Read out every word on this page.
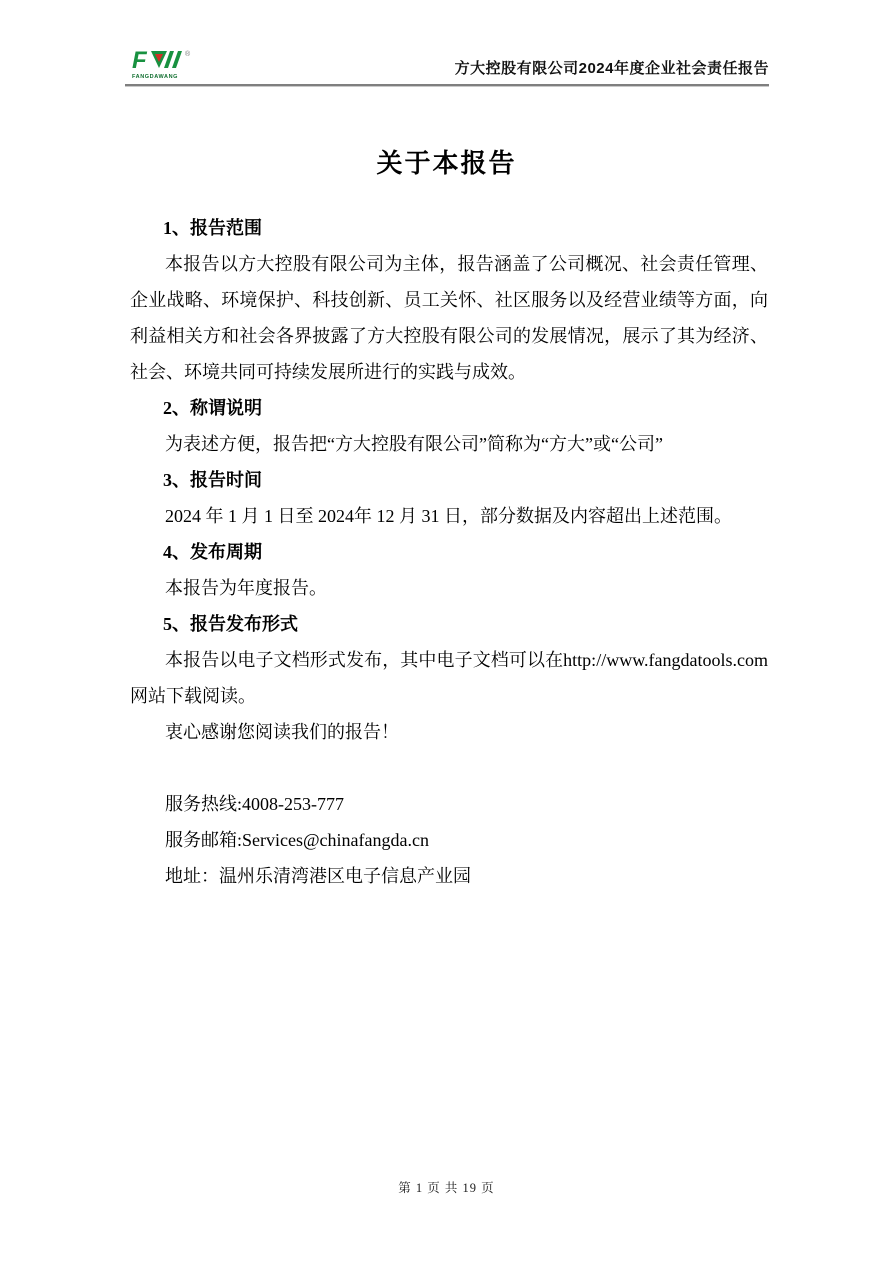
F
FANGDAWANG
®
方大控股有限公司2024年度企业社会责任报告
关于本报告
1、报告范围

本报告以方大控股有限公司为主体，报告涵盖了公司概况、社会责任管理、企业战略、环境保护、科技创新、员工关怀、社区服务以及经营业绩等方面，向利益相关方和社会各界披露了方大控股有限公司的发展情况，展示了其为经济、社会、环境共同可持续发展所进行的实践与成效。

2、称谓说明

为表述方便，报告把“方大控股有限公司”简称为“方大”或“公司”

3、报告时间

2024 年 1 月 1 日至 2024年 12 月 31 日，部分数据及内容超出上述范围。

4、发布周期

本报告为年度报告。

5、报告发布形式

本报告以电子文档形式发布，其中电子文档可以在http://www.fangdatools.com网站下载阅读。

衷心感谢您阅读我们的报告！

服务热线:4008-253-777

服务邮箱:Services@chinafangda.cn

地址：温州乐清湾港区电子信息产业园

第 1 页 共 19 页
